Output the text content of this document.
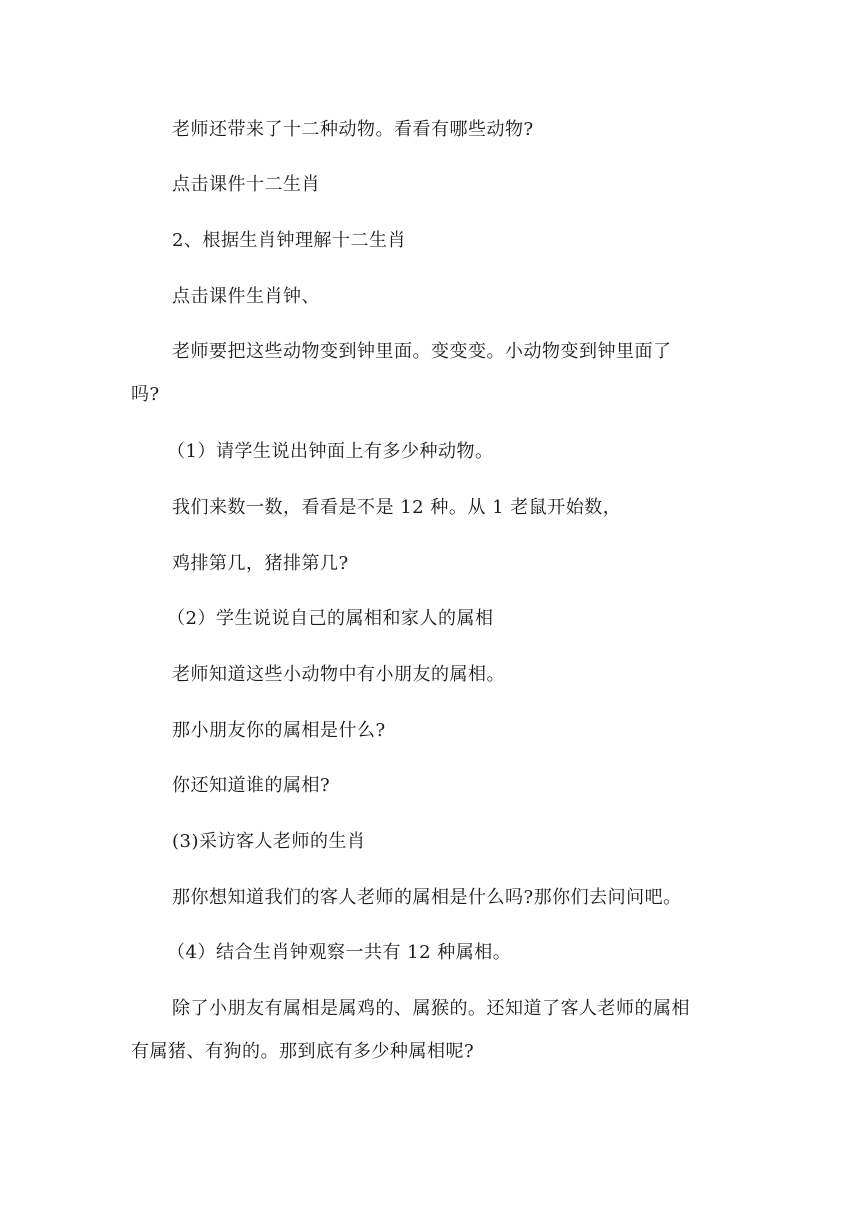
老师还带来了十二种动物。看看有哪些动物?

点击课件十二生肖

2、根据生肖钟理解十二生肖

点击课件生肖钟、

老师要把这些动物变到钟里面。变变变。小动物变到钟里面了

吗?

（1）请学生说出钟面上有多少种动物。

我们来数一数，看看是不是 12 种。从 1 老鼠开始数，

鸡排第几，猪排第几?

（2）学生说说自己的属相和家人的属相

老师知道这些小动物中有小朋友的属相。

那小朋友你的属相是什么?

你还知道谁的属相?

(3)采访客人老师的生肖

那你想知道我们的客人老师的属相是什么吗?那你们去问问吧。

（4）结合生肖钟观察一共有 12 种属相。

除了小朋友有属相是属鸡的、属猴的。还知道了客人老师的属相

有属猪、有狗的。那到底有多少种属相呢?
